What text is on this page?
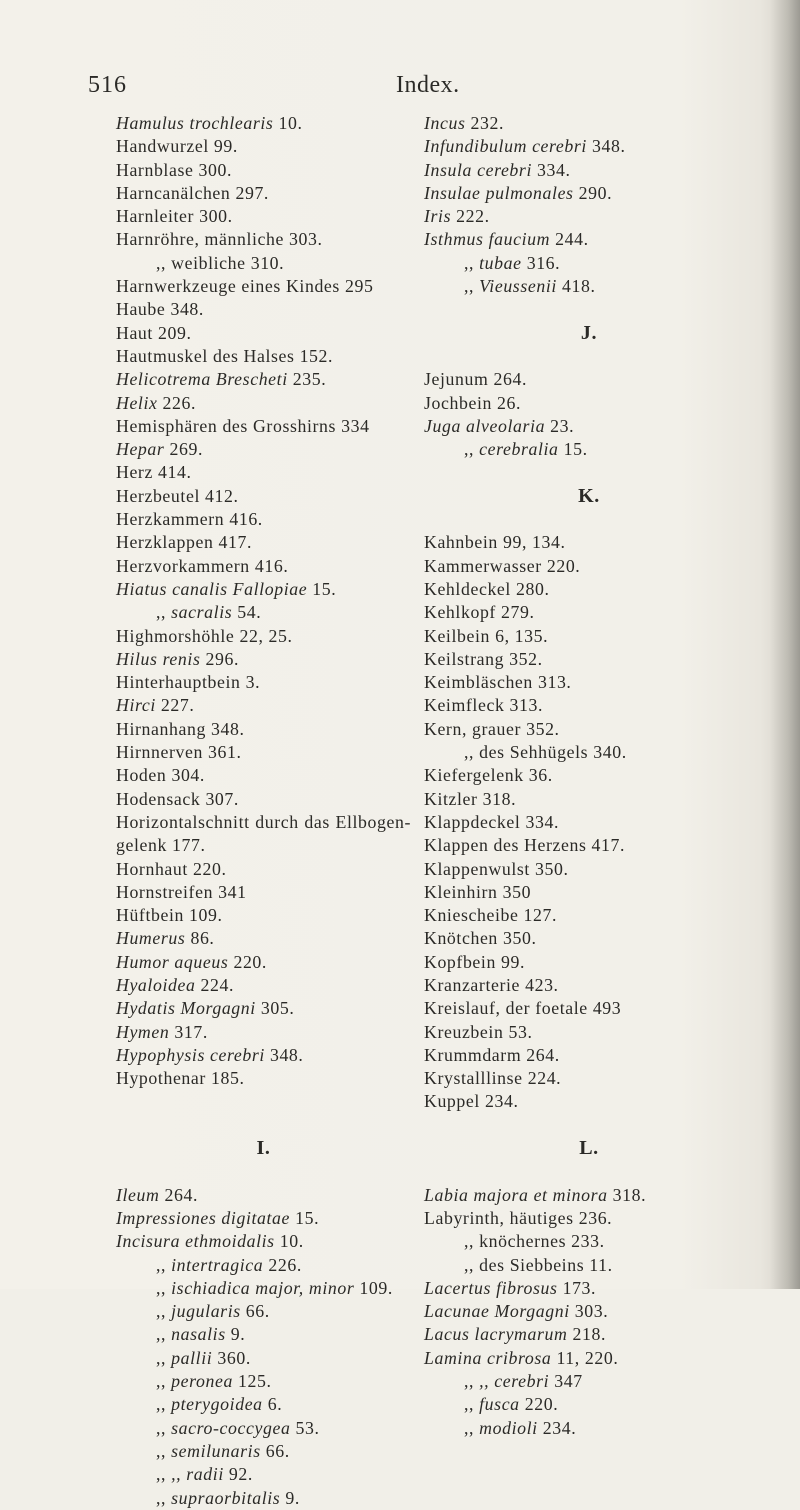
516	Index.
Hamulus trochlearis 10.
Handwurzel 99.
Harnblase 300.
Harncanälchen 297.
Harnleiter 300.
Harnröhre, männliche 303.
,, weibliche 310.
Harnwerkzeuge eines Kindes 295
Haube 348.
Haut 209.
Hautmuskel des Halses 152.
Helicotrema Brescheti 235.
Helix 226.
Hemisphären des Grosshirns 334
Hepar 269.
Herz 414.
Herzbeutel 412.
Herzkammern 416.
Herzklappen 417.
Herzvorkammern 416.
Hiatus canalis Fallopiae 15.
,, sacralis 54.
Highmorshöhle 22, 25.
Hilus renis 296.
Hinterhauptbein 3.
Hirci 227.
Hirnanhang 348.
Hirnnerven 361.
Hoden 304.
Hodensack 307.
Horizontalschnitt durch das Ellbogen-
gelenk 177.
Hornhaut 220.
Hornstreifen 341
Hüftbein 109.
Humerus 86.
Humor aqueus 220.
Hyaloidea 224.
Hydatis Morgagni 305.
Hymen 317.
Hypophysis cerebri 348.
Hypothenar 185.
I.
Ileum 264.
Impressiones digitatae 15.
Incisura ethmoidalis 10.
,, intertragica 226.
,, ischiadica major, minor 109.
,, jugularis 66.
,, nasalis 9.
,, pallii 360.
,, peronea 125.
,, pterygoidea 6.
,, sacro-coccygea 53.
,, semilunaris 66.
,, ,, radii 92.
,, supraorbitalis 9.
Incus 232.
Infundibulum cerebri 348.
Insula cerebri 334.
Insulae pulmonales 290.
Iris 222.
Isthmus faucium 244.
,, tubae 316.
,, Vieussenii 418.
J.
Jejunum 264.
Jochbein 26.
Juga alveolaria 23.
,, cerebralia 15.
K.
Kahnbein 99, 134.
Kammerwasser 220.
Kehldeckel 280.
Kehlkopf 279.
Keilbein 6, 135.
Keilstrang 352.
Keimbläschen 313.
Keimfleck 313.
Kern, grauer 352.
,, des Sehhügels 340.
Kiefergelenk 36.
Kitzler 318.
Klappdeckel 334.
Klappen des Herzens 417.
Klappenwulst 350.
Kleinhirn 350
Kniescheibe 127.
Knötchen 350.
Kopfbein 99.
Kranzarterie 423.
Kreislauf, der foetale 493
Kreuzbein 53.
Krummdarm 264.
Krystalllinse 224.
Kuppel 234.
L.
Labia majora et minora 318.
Labyrinth, häutiges 236.
,, knöchernes 233.
,, des Siebbeins 11.
Lacertus fibrosus 173.
Lacunae Morgagni 303.
Lacus lacrymarum 218.
Lamina cribrosa 11, 220.
,, ,, cerebri 347
,, fusca 220.
,, modioli 234.
